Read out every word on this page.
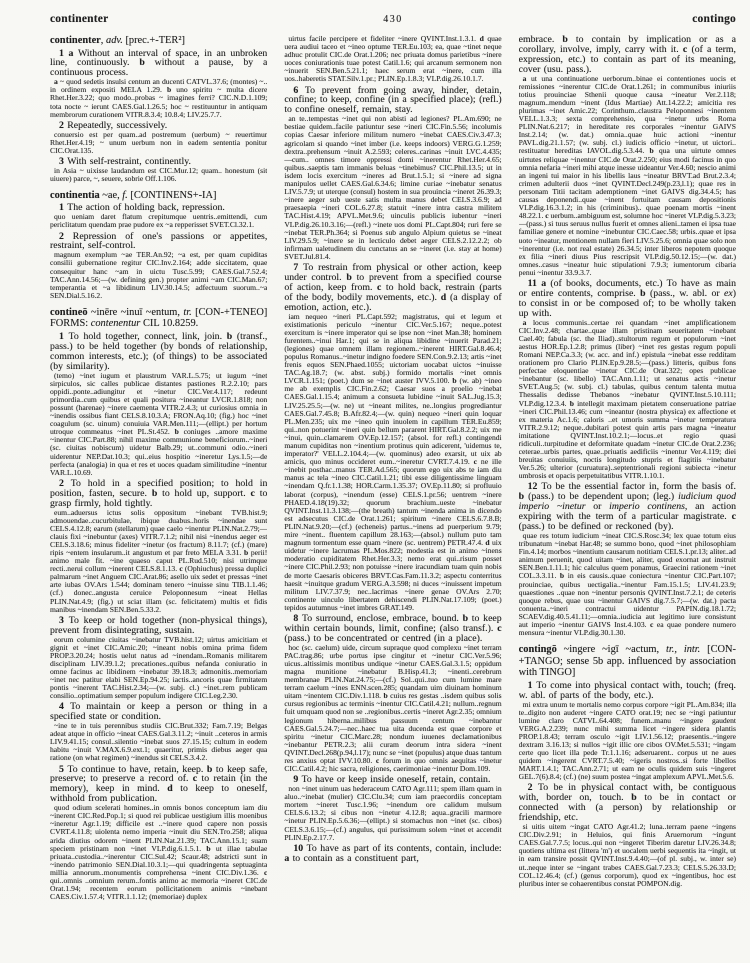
continenter	430	contingo

continenter, adv. [prec.+-TER²]

1 a Without an interval of space, in an unbroken line, continuously. b without a pause, by a continuous process.

a ~ quod sedetis insulsi centum an ducenti CATVL.37.6; (montes) ~.. in ordinem expositi MELA 1.29. b uno spiritu ~ multa dicere Rhet.Her.3.22; quo modo..probas ~ imagines ferri? CIC.N.D.1.109; tota nocte ~ ierunt CAES.Gal.1.26.5; hoc ~ restituuntur in antiquam membrorum curationem VITR.8.3.4; 10.8.4; LIV.25.7.7.

2 Repeatedly, successively.

conuersio est per quam..ad postremum (uerbum) ~ reuertimur Rhet.Her.4.19; ~ unum uerbum non in eadem sententia ponitur CIC.Orat.135.

3 With self-restraint, continently.

in Asia ~ uixisse laudandum est CIC.Mur.12; quam.. honestum (sit uiuere) parce, ~, seuere, sobrie Off.1.106.

continentia ~ae, f. [CONTINENS+-IA]

1 The action of holding back, repression.

quo ueniam daret flatum crepitumque uentris..emittendi, cum periclitatum quendam prae pudore ex ~a repperisset SVET.Cl.32.1.

2 Repression of one's passions or appetites, restraint, self-control.

magnum exemplum ~ae TER.An.92; ~a est, per quam cupiditas consilii gubernatione regitur CIC.Inv.2.164; adde siccitatem, quae consequitur hanc ~am in uictu Tusc.5.99; CAES.Gal.7.52.4; TAC.Ann.14.56;—(w. defining gen.) propter animi ~am CIC.Man.67; temperantia et ~a libidinum LIV.30.14.5; adfectuum suorum..~a SEN.Dial.5.16.2.

contineō ~inēre ~inuī ~entum, tr. [CON-+TENEO] FORMS: contenentur CIL 10.8259.

1 To hold together, connect, link, join. b (transf., pass.) to be held together (by bonds of relationship, common interests, etc.); (of things) to be associated (by similarity).

(temo) ~inet iugum et plaustrum VAR.L.5.75; ut iugum ~inet sirpiculos, sic calles publicae distantes pastiones R.2.2.10; pars oppidi..ponte..adiungitur et ~inetur CIC.Ver.4.117; redeunt primordia..cum quibus et quali positura ~ineantur LVCR.1.818; non possunt (harenae) ~inere caementa VITR.2.4.3; ut curiosius omnia in ~inendis ossibus fiant CELS.8.10.3.A; FRON.Aq.10; (fig.) hoc ~inet coagulum (sc. uinum) conuiuia VAR.Men.111;—(ellipt.) per hortum utroque commeatus ~inet PL.St.452. b coniuges ..amore maxime ~inentur CIC.Part.88; nihil maxime communione beneficiorum..~ineri (sc. ciuitas nobiscum) uidetur Balb.29; ut..communi odio..~ineri uiderentur NEP.Dat.10.3; qui..eius hospitio ~ineretur Lys.1.5;—de perfecta (analogia) in qua et res et uoces quadam similitudine ~inentur VAR.L.10.69.

2 To hold in a specified position; to hold in position, fasten, secure. b to hold up, support. c to grasp firmly, hold tightly.

eum..aduersus ictus solis oppositum ~inebant TVB.hist.9; admouendae..cucurbitulae, ibique duabus..horis ~inendae sunt CELS.4.12.8; earum (stellarum) quae caelo ~inentur PLIN.Nat.2.79;—clauis fixi ~inebuntur (axes) VITR.7.1.2; nihil nisi ~inendus aeger est CELS.3.18.6; minus fideliter ~inetur (os fractum) 8.11.7; (cf.) (mare) ripis ~entem insularum..it angustum et par freto MELA 3.31. b perii! animo male fit. ~ine quaeso caput PL.Rud.510; nisi utrimque recti..nerui collum ~inerent CELS.8.1.13. c (Ophiuchus) pressa duplici palmarum ~inet Anguem CIC.Arat.86; asello uix sedet et pressas ~inet arte iubas OV.Ars 1.544; dominam tenero ~inuisse sinu TIB.1.1.46; (cf.) donec..angusta ceruice Peloponnesum ~ineat Hellas PLIN.Nat.4.9; (fig.) ut sciat illam (sc. felicitatem) multis et fidis manibus ~inendam SEN.Ben.5.33.2.

3 To keep or hold together (non-physical things), prevent from disintegrating, sustain.

eorum columine ciuitas ~inebatur TVB.hist.12; uirtus amicitiam et gignit et ~inet CIC.Amic.20; ~ineant nobis omina prima fidem PROP.3.20.24; hostis uelut natus ad ~inendam..Romanis militarem disciplinam LIV.39.1.2; precationes..quibus nefanda coniuratio in omne facinus ac libidinem ~inebatur 39.18.3; admonitis..memoriam ~inet nec patitur elabi SEN.Ep.94.25; iactis..ancoris quae firmitatem pontis ~inerent TAC.Hist.2.34;—(w. subj. cl.) ~inet..rem publicam consilio..optimatium semper populum indigere CIC.Leg.2.30.

4 To maintain or keep a person or thing in a specified state or condition.

~ine te in tuis perennibus studiis CIC.Brut.332; Fam.7.19; Belgas adeat atque in officio ~ineat CAES.Gal.3.11.2; ~inuit ..ceteros in armis LIV.9.41.15; consul..silentio ~inebat suos 27.15.15; cultum in eodem habitu ~inuit V.MAX.6.9.ext.1; quaeritur, primis diebus aeger qua ratione (on what regimen) ~inendus sit CELS.3.4.2.

5 To continue to have, retain, keep. b to keep safe, preserve; to preserve a record of. c to retain (in the memory), keep in mind. d to keep to oneself, withhold from publication.

quod odium scelerati homines..in omnis bonos conceptum iam diu ~inerent CIC.Red.Pop.1; si quod rei publicae uestigium illis moenibus ~ineretur Agr.1.19; difficile est ..~inere quod capere non possis CVRT.4.11.8; uiolenta nemo imperia ~inuit diu SEN.Tro.258; aliqua arida diutius odorem ~inent PLIN.Nat.21.39; TAC.Ann.15.1; suam speciem pristinam non ~inet VLP.dig.6.1.5.1. b ut illae tabulae priuata..custodia..~inerentur CIC.Sul.42; Scaur.48; adstricti sunt in ~inendo patrimonio SEN.Dial.10.3.1;—qui quadringenta septuaginta millia annorum..monumentis comprehensa ~inent CIC.Div.1.36. c qui..omnis ..omnium rerum..fontis animo ac memoria ~ineret CIC.de Orat.1.94; recentem eorum pollicitationem animis ~inebant CAES.Civ.1.57.4; VITR.1.1.12; (memoriae) duplex

uirtus facile percipere et fideliter ~inere QVINT.Inst.1.3.1. d quae uera audiui taceo et ~ineo optume TER.Eu.103; ea, quae ~tinet neque adhuc protulit CIC.de Orat.1.206; nec priuata domus parietibus ~inere uoces coniurationis tuae potest Catil.1.6; qui arcanum sermonem non ~inuerit SEN.Ben.5.21.1; haec serum erat ~inere, cum illa uos..haberetis STAT.Silv.1.pr.; PLIN.Ep.1.8.3; VLP.dig.26.10.1.7.

6 To prevent from going away, hinder, detain, confine; to keep, confine (in a specified place); (refl.) to confine oneself, remain, stay.

an te..tempestas ~inet qui non abisti ad legiones? PL.Am.690; ne bestiae quidem..facile patiuntur sese ~ineri CIC.Fin.5.56; incolumis copias Caesar inferiore militum numero ~inebat CAES.Civ.3.47.3; agricolam si quando ~inet imber (i.e. keeps indoors) VERG.G.1.259; dextra..prehensum ~inuit A.2.593; celeres..carinas ~inuit LVC.4.435;—cum.. omnes timore oppressi domi ~inerentur Rhet.Her.4.65; quibus..saeptis tam immanis beluas ~tinebimus? CIC.Phil.13.5; ut in isdem locis exercitum ~ineres ad Brut.1.5.1; si ~inere ad signa manipulos uellet CAES.Gal.6.34.6; limine curiae ~inebatur senatus LIV.5.7.9; ut uterque (consul) hostem in sua prouincia ~ineret 26.39.3; ~inere aeger sub ueste satis multa manus debet CELS.3.6.9; ad praesaepia ~ineri COL.6.27.8; statuit ~inere intra castra militem TAC.Hist.4.19; APVL.Met.9.6; uinculis publicis iubentur ~ineri VLP.dig.26.10.3.16;—(refl.) ~inete uos domi PL.Capt.804; ruri fere se ~inebat TER.Ph.364; si Poenus sub angulo Alpium quietus se ~ineat LIV.29.5.9; ~inere se in lecticulo debet aeger CELS.2.12.2.2; ob infirmam ualetudinem diu cunctatus an se ~ineret (i.e. stay at home) SVET.Jul.81.4.

7 To restrain from physical or other action, keep under control. b to prevent from a specified course of action, keep from. c to hold back, restrain (parts of the body, bodily movements, etc.). d (a display of emotion, action, etc.).

iam nequeo ~ineri PL.Capt.592; magistratus, qui et legum et existimationis periculo ~inentur CIC.Ver.5.167; neque..potest exercitum is ~inere imperator qui se ipse non ~inet Man.38; hominem furentem..~inui Har.1; qui se in aliqua libidine ~inuerit Parad.21; (legiones) quae omnem illam regionem..~inerent HIRT.Gal.8.46.4; populus Romanus..~inetur indigno foedere SEN.Con.9.2.13; artis ~inet frenis equos SEN.Phaed.1055; uictoriam uocabat uictos ~inuisse TAC.Ag.18.7; (w. abst. subj.) formido mortalis ~inet omnis LVCR.1.151; (poet.) dum se ~inet auster IVV.5.100. b (w. ab) ~ineo me ab exemplis CIC.Fin.2.62; Caesar suos a proelio ~inebat CAES.Gal.1.15.4; animum a consueta lubidine ~inuit SAL.Jug.15.3; LIV.25.25.5;—(w. ne) ut ~ineant milites, ne..longius progrediantur CAES.Gal.7.45.8; B.Afr.82.4;—(w. quin) nequeo ~ineri quin loquar PL.Men.235; uix me ~ineo quin inuolem in capillum TER.Eu.859; qui..non potuerint ~ineri quin bellum pararent HIRT.Gal.8.2.2; uix me ~inui, quin..clamarem OV.Ep.12.157; (absol. for refl.) contingendi manum cupiditas non ~inentium protinus quin adicerent, 'uidemus te, imperator?' VELL.2.104.4;—(w. quominus) adeo exarsit, ut uix ab amicis, quo minus occideret eum..~ineretur CVRT.7.4.19. c ne ille ~inebit posthac..manus TER.Ad.565; quorum ego uix abs te iam diu manus ac tela ~ineo CIC.Catil.1.21; tibi esse diligentissime linguam ~inendam Q.fr.1.1.38; HOR.Carm.1.35.37; OV.Ep.11.80; si profluuio laborat (corpus), ~inendum (esse) CELS.1.pr.56; uentrem ~inere PHAED.4.18(19).32; quorum brachium..ueste ~inebatur QVINT.Inst.11.3.138;—(the breath) tantum ~inenda anima in dicendo est adsecutus CIC.de Orat.1.261; spiritum ~inere CELS.6.7.8.B; PLIN.Nat.9.20;—(cf.) (echeneis) partus..~inens ad puerperium 9.79; mire ~inent.. fluentem capillum 28.163;—(absol.) nullum puto tam magnum tormentum esse quam ~inere (sc. uentrem) PETR.47.4. d uix uidetur ~inere lacrumas PL.Mos.822; modestia est in animo ~inens moderatio cupiditatem Rhet.Her.3.3; nemo erat qui..risum posset ~inere CIC.Phil.2.93; non potuisse ~inere iracundiam tuam quin nobis de morte Caesaris obiceres BRVT.Cas.Fam.11.3.2; aspectu conterritus haesit ~inuitque gradum VERG.A.3.598; ni duces ~inuissent impetum militum LIV.7.37.9; nec..lacrimas ~inere genae OV.Ars 2.70; continente uinculo libertatem dehiscendi PLIN.Nat.17.109; (poet.) tepidos autumnus ~inet imbres GRAT.149.

8 To surround, enclose, embrace, bound. b to keep within certain bounds, limit, confine; (also transf.). c (pass.) to be concentrated or centred (in a place).

hoc (sc. caelum) uide, circum supraque quod complexu ~inet terram PAC.trag.86; urbe portus ipse cingitur et ~inetur CIC.Ver.5.96; uicus..altissimis montibus undique ~inetur CAES.Gal.3.1.5; oppidum magna munitione ~inebatur B.Hisp.41.3; ~inenti..cerebrum membranae PLIN.Nat.24.75;—(cf.) Sol..qui..tuo cum lumine mare terram caelum ~ines ENN.scen.285; quandam uim diuinam hominum uitam ~inentem CIC.Div.1.118. b cuius res gestas ..isdem quibus solis cursus regionibus ac terminis ~inentur CIC.Catil.4.21; nullum..regnum fuit umquam quod non se ..regionibus..certis ~ineret Agr.2.35; omnium legionum hiberna..milibus passuum centum ~inebantur CAES.Gal.5.24.7;—nec..haec tua uita ducenda est quae corpore et spiritu ~inetur CIC.Marc.28; nondum iuuenes declamationibus ~inebantur PETR.2.3; alii curam deorum intra sidera ~inent QVINT.Decl.268(p.94,l.17); nunc se ~inet (populus) atque duas tantum res anxius optat IVV.10.80. c forum in quo omnis aequitas ~inetur CIC.Catil.4.2; hic sacra, religiones, caerimoniae ~inentur Dom.109.

9 To have or keep inside oneself, retain, contain.

non ~inet uinum uas hederaceum CATO Agr.111; spem illam quam in aluo..~inebat (mulier) CIC.Clu.34; cum iam praecordiis conceptam mortem ~ineret Tusc.1.96; ~inendum ore calidum mulsum CELS.6.13.2; si cibus non ~inetur 4.12.8; aqua..gracili marmore ~inetur PLIN.Ep.5.6.36;—(ellipt.) si stomachus non ~inet (sc. cibos) CELS.3.6.15;—(cf.) angulus, qui purissimum solem ~inet et accendit PLIN.Ep.2.17.7.

10 To have as part of its contents, contain, include: a to contain as a constituent part,

embrace. b to contain by implication or as a corollary, involve, imply, carry with it. c (of a term, expression, etc.) to contain as part of its meaning, cover (usu. pass.).

a ut una continuatione uerborum..binae ei contentiones uocis et remissiones ~inerentur CIC.de Orat.1.261; in communibus iniuriis totius prouinciae Sthenii quoque causa ~ineatur Ver.2.118; magnum..mendum ~inent (Idus Martiae) Att.14.22.2; amicitia res plurimas ~inet Amic.22; Corinthum..claustra Peloponnesi ~inentem VELL.1.3.3; sexta comprehensio, qua ~inetur urbs Roma PLIN.Nat.6.217; in hereditate res corporales ~inentur GAIVS Inst.2.14; (w. dat.) omnia..quae huic actioni ~inentur PAVL.dig.21.1.57; (w. subj. cl.) iudicis officio ~inetur, ut uictori.. restituatur hereditas IAVOL.dig.5.3.44. b qua una uirtute omnes uirtutes reliquae ~inentur CIC.de Orat.2.250; eius modi facinus in quo omnia nefaria ~ineri mihi atque inesse uideantur Ver.4.60; nescio animi an ingeni tui maior in his libellis laus ~ineatur BRVT.ad Brut.2.3.4; crimen adulterii duos ~inet QVINT.Decl.249(p.23,l.1); quae res in personam Titii tacitam ademptionem ~inet GAIVS dig.34.4.5; has causas deponendi..quae ~inent fortuitam causam depositionis VLP.dig.16.3.1.2; in his (criminibus).. quae poenam mortis ~inent 48.22.1. c uerbum..ambiguum est, solumne hoc ~ineret VLP.dig.5.3.23;—(pass.) si tuus seruus nullus fuerit et omnes alieni..tamen ei ipsa tuae familiae genere et nomine ~inebuntur CIC.Caec.58; urbis..quae et ipsa uoto ~ineatur, mentionem nullam fieri LIV.5.25.6; omnia quae solo non ~inerentur (i.e. not real estate) 26.34.5; inter liberos nepotem quoque ex filia ~ineri diuus Pius rescripsit VLP.dig.50.12.15;—(w. dat.) omnes..casus ~ineatur huic stipulationi 7.9.3; iumentorum cibaria penui ~inentur 33.9.3.7.

11 a (of books, documents, etc.) To have as main or entire contents, comprise. b (pass., w. abl. or ex) to consist in or be composed of; to be wholly taken up with.

a locus communis..certae rei quandam ~inet amplificationem CIC.Inv.2.48; chartae..quae illam pristinam seueritatem ~inebant Cael.40; fabula (sc. the Iliad)..stultorum regum et populorum ~inet aestus HOR.Ep.1.2.8; primus (liber) ~inet res gestas regum populi Romani NEP.Ca.3.3; (w. acc. and inf.) epistula ~inebat esse redditam orationem pro Clario PLIN.Ep.9.28.5;—(pass.) litteris, quibus fons perfectae eloquentiae ~inetur CIC.de Orat.322; opes publicae ~inebantur (sc. libello) TAC.Ann.1.11; ut senatus actis ~inetur SVET.Aug.5; (w. subj. cl.) tabulas, quibus centum talenta mutua Thessalis dedisse Thebanos ~inebatur QVINT.Inst.5.10.111; VLP.dig.12.3.4. b intellegit maximam pietatem conseruatione patriae ~ineri CIC.Phil.13.46; cum ~ineantur (nostra physica) ex affectione et ex materia Ac.1.6; caloris ..et umoris summa ~inetur temperatura VITR.2.9.12; neque..dubitari potest quin artis pars magna ~ineatur imitatione QVINT.Inst.10.2.1;—locus..et regio quasi ridiculi..turpitudine et deformitate quadam ~inetur CIC.de Orat.2.236; ceterae..urbis partes, quae..priuatis aedificiis ~inentur Ver.4.119; diei breuitas conuiuiis, noctis longitudo stupris et flagitiis ~inebatur Ver.5.26; ulterior (curuatura)..septentrionali regioni subiecta ~inetur umbrosis et opacis perpetuitatibus VITR.1.10.1.

12 To be the essential factor in, form the basis of. b (pass.) to be dependent upon; (leg.) iudicium quod imperio ~inetur or imperio continens, an action expiring with the term of a particular magistrate. c (pass.) to be defined or reckoned (by).

quae res totum iudicium ~ineat CIC.S.Rosc.34; lex quae totum eius tribunatum ~inebat Har.48; se summo bono, quod ~inet philosophiam Fin.4.14; morbos ~inentium causarum notitiam CELS.1.pr.13; aliter..ad animum peruenit, quod uitam ~inet, aliter, quod exornat aut instruit SEN.Ben.1.11.1; hic calculus quem ponamus, Graecini rationem ~inet COL.3.3.11. b in eis causis..quae coniectura ~inentur CIC.Part.107; prouinciae, quibus uectigalia..~inentur Fam.15.1.5; LIV.41.23.9; quaestiones ..quae non ~inentur personis QVINT.Inst.7.2.1; de ceteris quoque rebus, quae usu ~inentur GAIVS dig.7.5.7;—(w. dat.) pacta conuenta..~ineri contractui uidentur PAPIN.dig.18.1.72; SCAEV.dig.40.5.41.11;—omnia..iudicia aut legitimo iure consistunt aut imperio ~inentur GAIVS Inst.4.103. c ea quae pondere numero mensura ~inentur VLP.dig.30.1.30.

contingō ~ingere ~igī ~actum, tr., intr. [CON-+TANGO; sense 5b app. influenced by association with TINGO]

1 To come into physical contact with, touch; (freq. w. abl. of parts of the body, etc.).

mi extra unum te mortalis nemo corpus corpore ~igit PL.Am.834; illa te..digito non auderet ~ingere CATO orat.19; nec se ~ingi patiuntur lumine claro CATVL.64.408; funem..manu ~ingere gaudent VERG.A.2.239; nunc mihi summa licet ~ingere sidera plantis PROP.1.8.43; terram osculo ~igit LIV.1.56.12; praesentis..~ingere dextram 3.16.13; si nullos ~igit illic ore cibos OV.Met.5.531; ~ingam certe quo licet illa pede Tr.1.1.16; adseruarent.. corpus ut ne aues quidem ~ingerent CVRT.7.5.40; ~igeris nostros..si forte libellos MART.1.4.1; TAC.Ann.2.71; ut eam ne oculis quidem suis ~ingeret GEL.7(6).8.4; (cf.) (ne) suum postea ~ingat amplexum APVL.Met.5.6.

2 To be in physical contact with, be contiguous with, border on, touch. b to be in contact or connected with (a person) by relationship or friendship, etc.

si uitis uitem ~ingat CATO Agr.41.2; luna..terram paene ~ingens CIC.Div.2.91; in Heluios, qui finis Aruernorum ~ingunt CAES.Gal.7.7.5; locus..qui non ~ingeret Tiberim daretur LIV.26.34.8; quotiens ultima est (littera 'm') et uocalem uerbi sequentis ita ~ingit, ut in eam transire possit QVINT.Inst.9.4.40;—(of pl. subj., w. inter se) ut..neque inter se ~ingant trabes CAES.Gal.7.23.3; CELS.5.26.33.D; COL.12.46.4; (cf.) (genus corporum), quod ex ~ingentibus, hoc est pluribus inter se cohaerentibus constat POMPON.dig.
